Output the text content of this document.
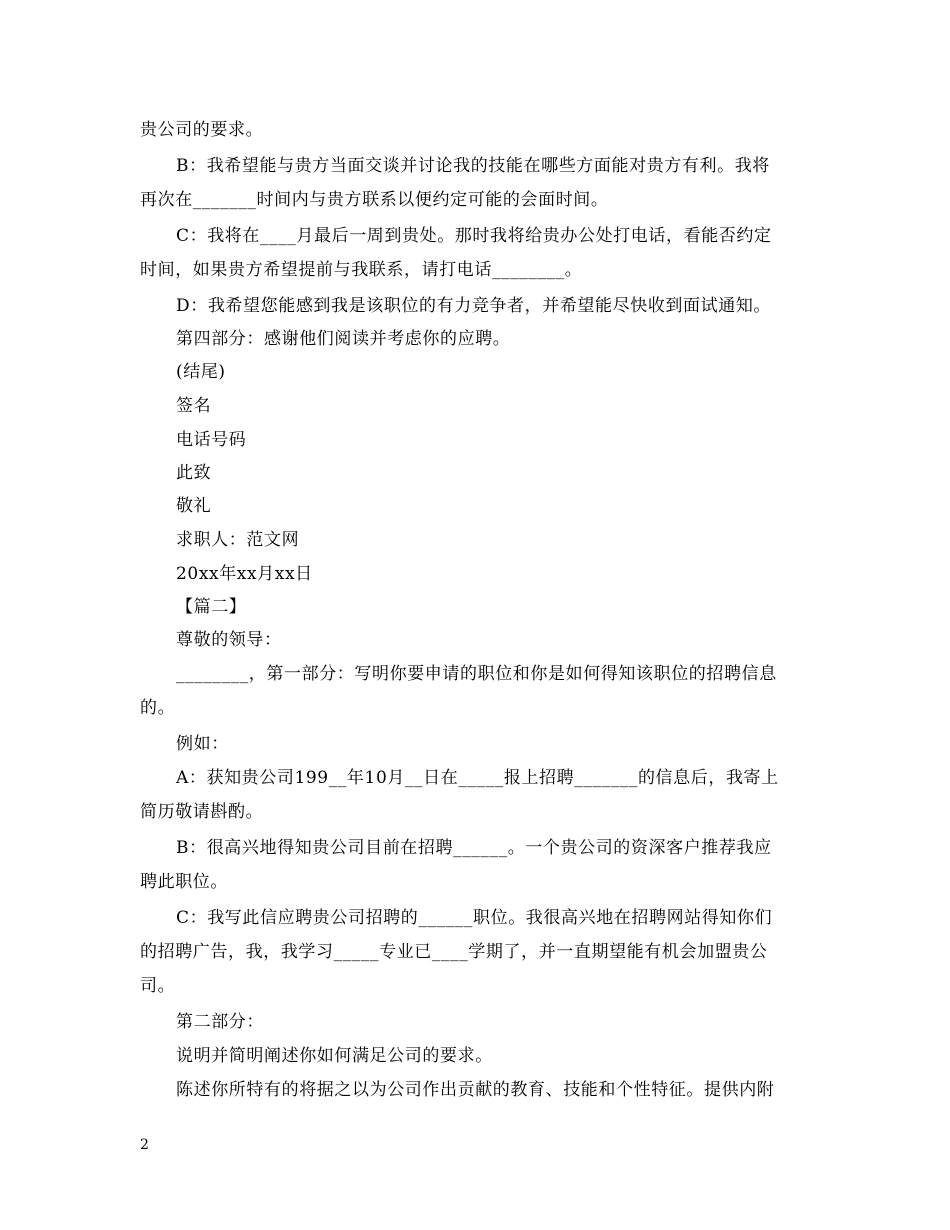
贵公司的要求。
B：我希望能与贵方当面交谈并讨论我的技能在哪些方面能对贵方有利。我将
再次在_______时间内与贵方联系以便约定可能的会面时间。
C：我将在____月最后一周到贵处。那时我将给贵办公处打电话，看能否约定
时间，如果贵方希望提前与我联系，请打电话________。
D：我希望您能感到我是该职位的有力竞争者，并希望能尽快收到面试通知。
第四部分：感谢他们阅读并考虑你的应聘。
(结尾)
签名
电话号码
此致
敬礼
求职人：范文网
20xx年xx月xx日
【篇二】
尊敬的领导：
________，第一部分：写明你要申请的职位和你是如何得知该职位的招聘信息
的。
例如：
A：获知贵公司199__年10月__日在_____报上招聘_______的信息后，我寄上
简历敬请斟酌。
B：很高兴地得知贵公司目前在招聘______。一个贵公司的资深客户推荐我应
聘此职位。
C：我写此信应聘贵公司招聘的______职位。我很高兴地在招聘网站得知你们
的招聘广告，我，我学习_____专业已____学期了，并一直期望能有机会加盟贵公
司。
第二部分：
说明并简明阐述你如何满足公司的要求。
陈述你所特有的将据之以为公司作出贡献的教育、技能和个性特征。提供内附
2
